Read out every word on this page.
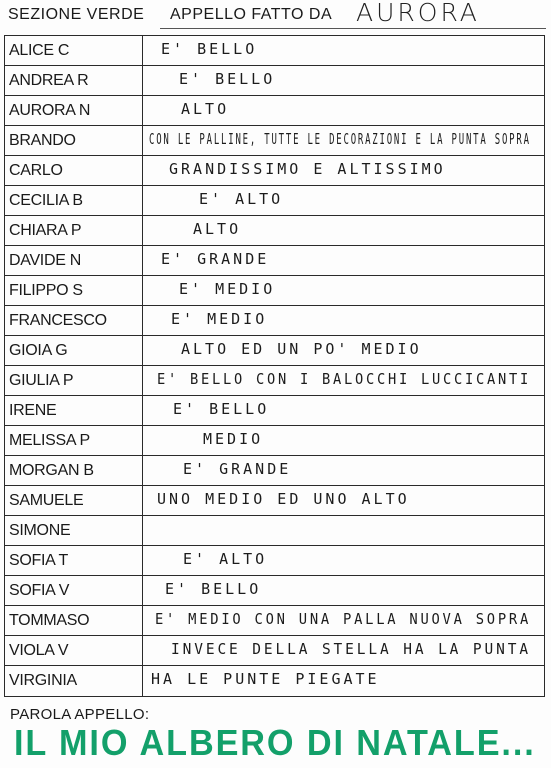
SEZIONE VERDE APPELLO FATTO DA AURORA
ALICE C	E' BELLO
ANDREA R	E' BELLO
AURORA N	ALTO
BRANDO	CON LE PALLINE, TUTTE LE DECORAZIONI E LA PUNTA SOPRA
CARLO	GRANDISSIMO E ALTISSIMO
CECILIA B	E' ALTO
CHIARA P	ALTO
DAVIDE N	E' GRANDE
FILIPPO S	E' MEDIO
FRANCESCO	E' MEDIO
GIOIA G	ALTO ED UN PO' MEDIO
GIULIA P	E' BELLO CON I BALOCCHI LUCCICANTI
IRENE	E' BELLO
MELISSA P	MEDIO
MORGAN B	E' GRANDE
SAMUELE	UNO MEDIO ED UNO ALTO
SIMONE
SOFIA T	E' ALTO
SOFIA V	E' BELLO
TOMMASO	E' MEDIO CON UNA PALLA NUOVA SOPRA
VIOLA V	INVECE DELLA STELLA HA LA PUNTA
VIRGINIA	HA LE PUNTE PIEGATE
PAROLA APPELLO:
IL MIO ALBERO DI NATALE...
